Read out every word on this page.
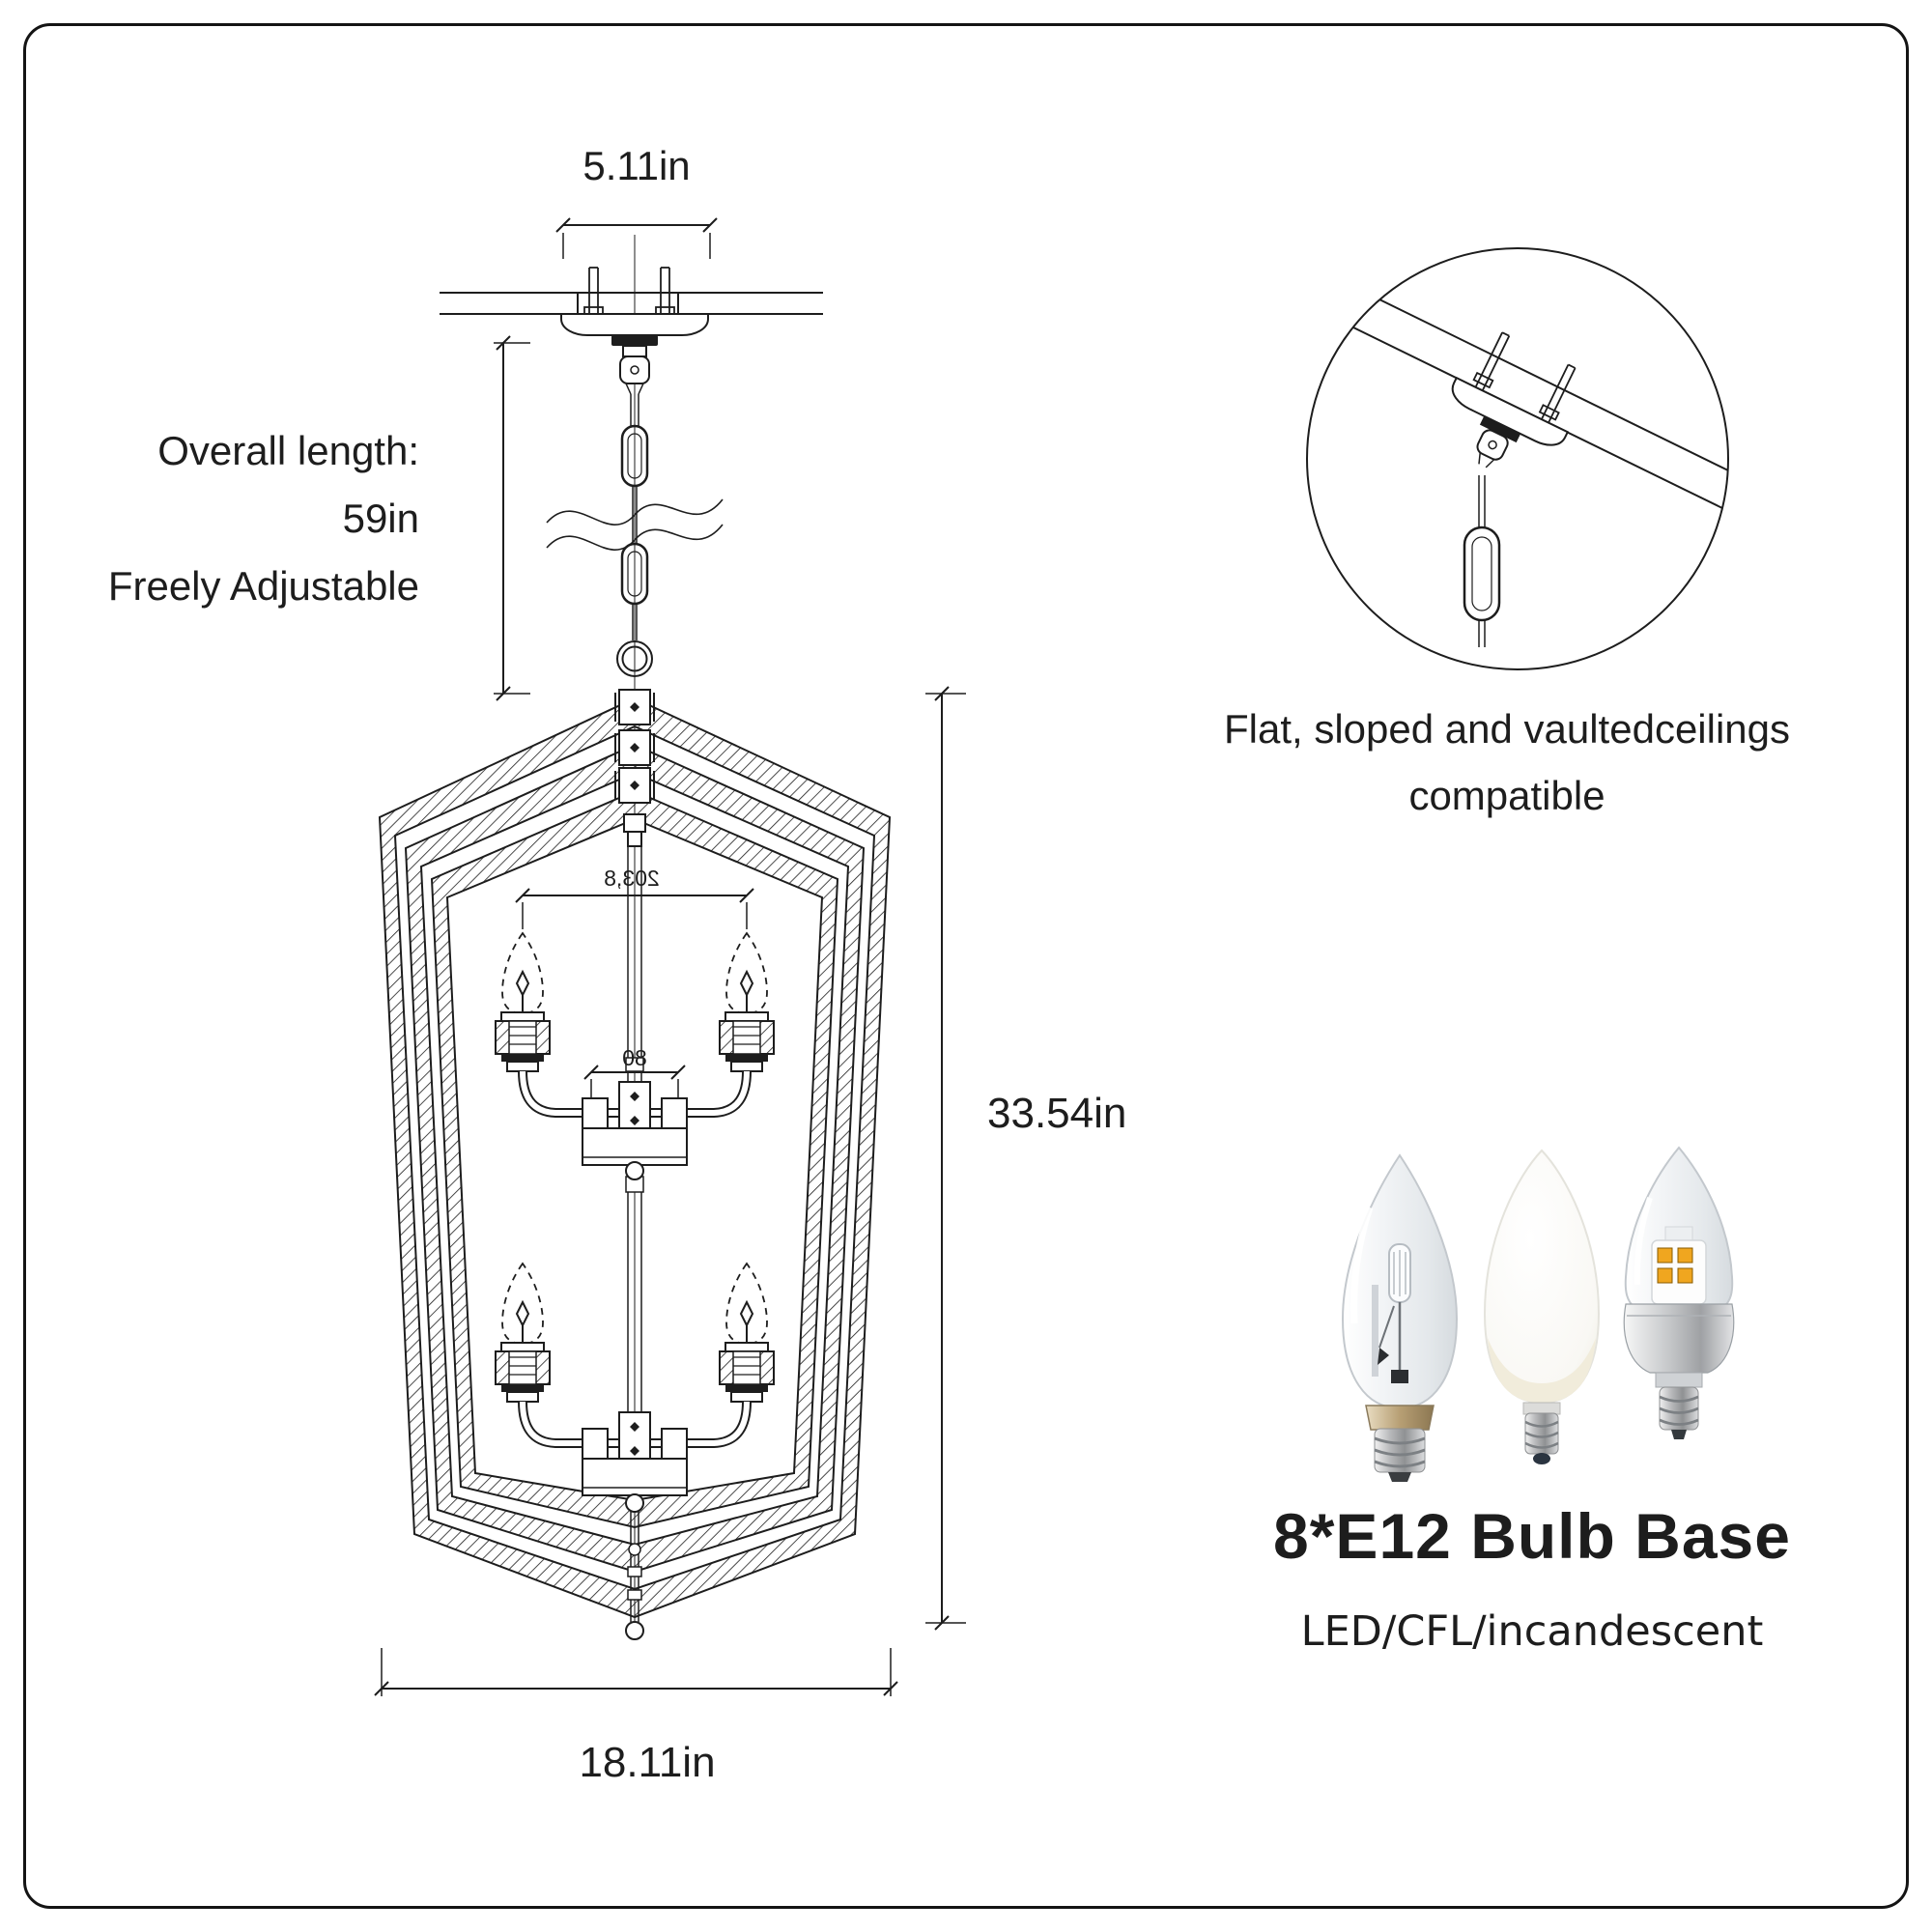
5.11in
Overall length:
59in
Freely Adjustable
203,8
80
33.54in
18.11in
Flat, sloped and vaultedceilings
compatible
8*E12 Bulb Base
LED/CFL/incandescent
